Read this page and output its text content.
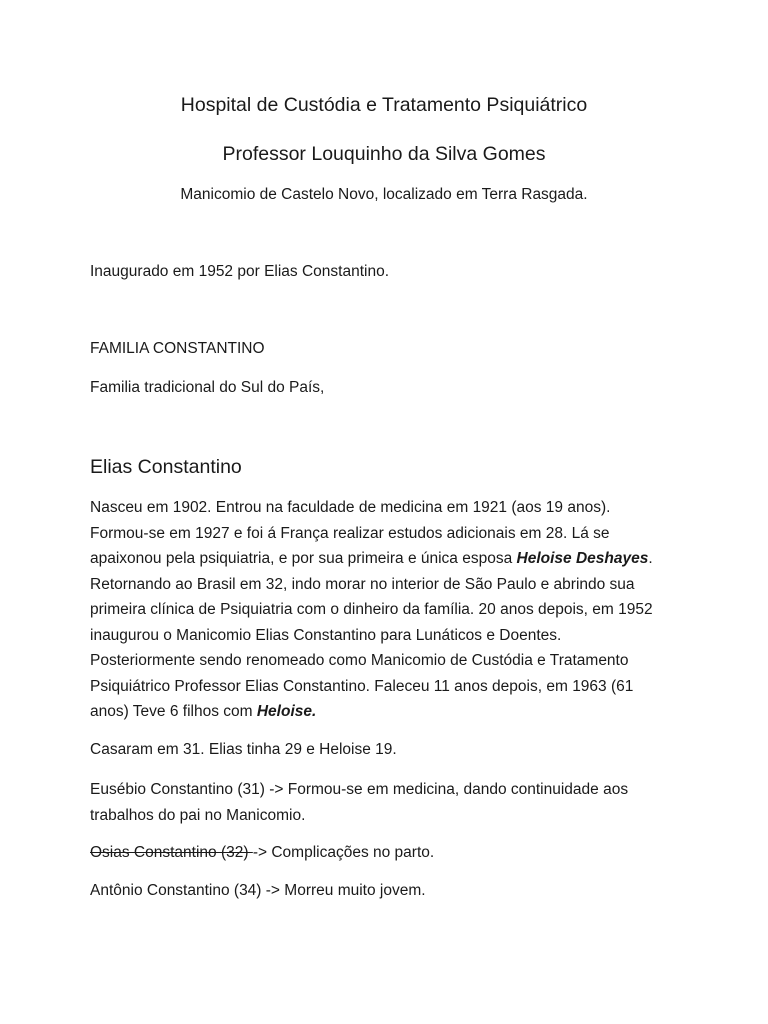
Hospital de Custódia e Tratamento Psiquiátrico

Professor Louquinho da Silva Gomes

Manicomio de Castelo Novo, localizado em Terra Rasgada.

Inaugurado em 1952 por Elias Constantino.

FAMILIA CONSTANTINO

Familia tradicional do Sul do País,

Elias Constantino
Nasceu em 1902. Entrou na faculdade de medicina em 1921 (aos 19 anos).
Formou-se em 1927 e foi á França realizar estudos adicionais em 28. Lá se
apaixonou pela psiquiatria, e por sua primeira e única esposa Heloise Deshayes.
Retornando ao Brasil em 32, indo morar no interior de São Paulo e abrindo sua
primeira clínica de Psiquiatria com o dinheiro da família. 20 anos depois, em 1952
inaugurou o Manicomio Elias Constantino para Lunáticos e Doentes.
Posteriormente sendo renomeado como Manicomio de Custódia e Tratamento
Psiquiátrico Professor Elias Constantino. Faleceu 11 anos depois, em 1963 (61
anos) Teve 6 filhos com Heloise.

Casaram em 31. Elias tinha 29 e Heloise 19.

Eusébio Constantino (31) -> Formou-se em medicina, dando continuidade aos
trabalhos do pai no Manicomio.

Osias Constantino (32) -> Complicações no parto.

Antônio Constantino (34) -> Morreu muito jovem.
